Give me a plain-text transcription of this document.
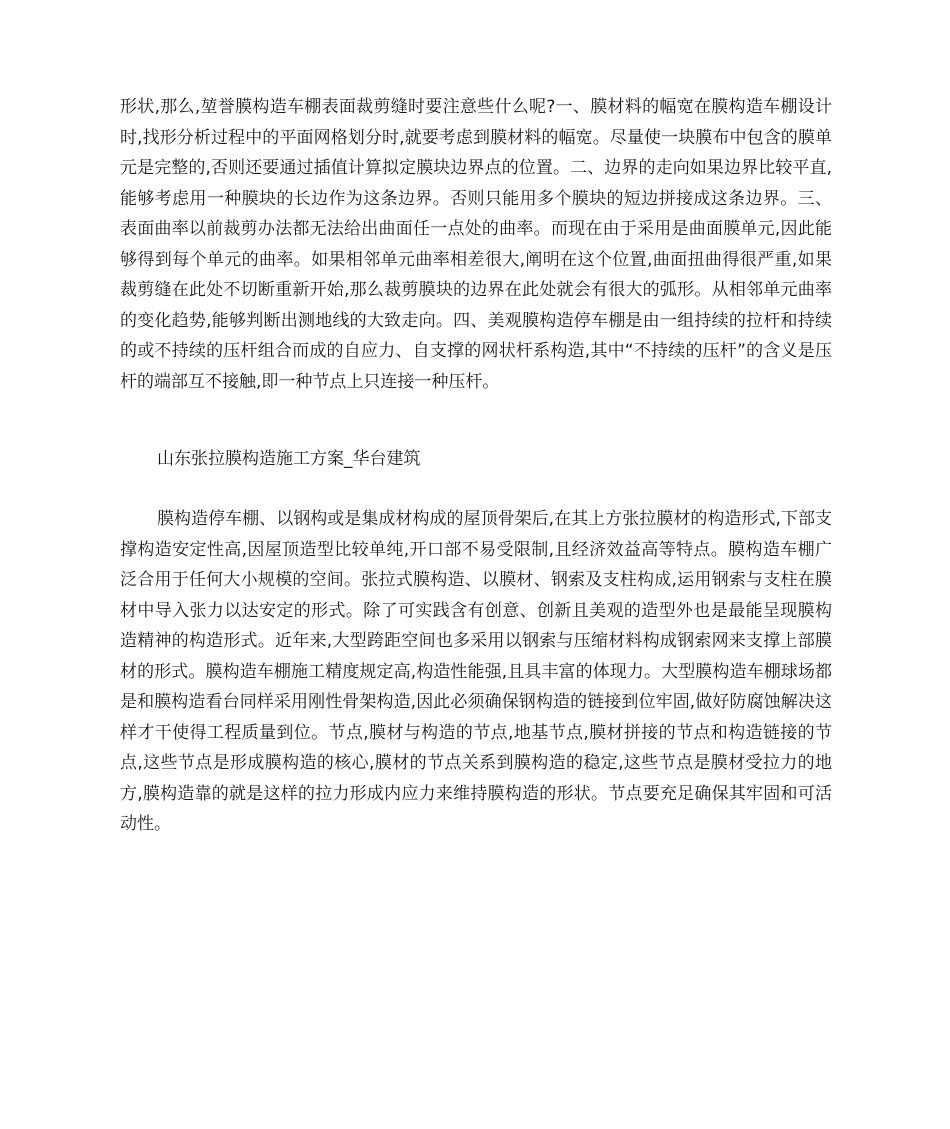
形状,那么,堃誉膜构造车棚表面裁剪缝时要注意些什么呢?一、膜材料的幅宽在膜构造车棚设计时,找形分析过程中的平面网格划分时,就要考虑到膜材料的幅宽。尽量使一块膜布中包含的膜单元是完整的,否则还要通过插值计算拟定膜块边界点的位置。二、边界的走向如果边界比较平直,能够考虑用一种膜块的长边作为这条边界。否则只能用多个膜块的短边拼接成这条边界。三、表面曲率以前裁剪办法都无法给出曲面任一点处的曲率。而现在由于采用是曲面膜单元,因此能够得到每个单元的曲率。如果相邻单元曲率相差很大,阐明在这个位置,曲面扭曲得很严重,如果裁剪缝在此处不切断重新开始,那么裁剪膜块的边界在此处就会有很大的弧形。从相邻单元曲率的变化趋势,能够判断出测地线的大致走向。四、美观膜构造停车棚是由一组持续的拉杆和持续的或不持续的压杆组合而成的自应力、自支撑的网状杆系构造,其中“不持续的压杆”的含义是压杆的端部互不接触,即一种节点上只连接一种压杆。

山东张拉膜构造施工方案_华台建筑

膜构造停车棚、以钢构或是集成材构成的屋顶骨架后,在其上方张拉膜材的构造形式,下部支撑构造安定性高,因屋顶造型比较单纯,开口部不易受限制,且经济效益高等特点。膜构造车棚广泛合用于任何大小规模的空间。张拉式膜构造、以膜材、钢索及支柱构成,运用钢索与支柱在膜材中导入张力以达安定的形式。除了可实践含有创意、创新且美观的造型外也是最能呈现膜构造精神的构造形式。近年来,大型跨距空间也多采用以钢索与压缩材料构成钢索网来支撑上部膜材的形式。膜构造车棚施工精度规定高,构造性能强,且具丰富的体现力。大型膜构造车棚球场都是和膜构造看台同样采用刚性骨架构造,因此必须确保钢构造的链接到位牢固,做好防腐蚀解决这样才干使得工程质量到位。节点,膜材与构造的节点,地基节点,膜材拼接的节点和构造链接的节点,这些节点是形成膜构造的核心,膜材的节点关系到膜构造的稳定,这些节点是膜材受拉力的地方,膜构造靠的就是这样的拉力形成内应力来维持膜构造的形状。节点要充足确保其牢固和可活动性。
